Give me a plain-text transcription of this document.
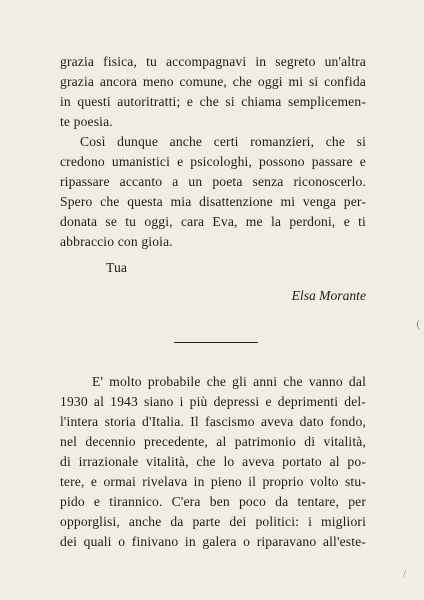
grazia fisica, tu accompagnavi in segreto un'altra
grazia ancora meno comune, che oggi mi si confida
in questi autoritratti; e che si chiama semplicemen-
te poesia.
Così dunque anche certi romanzieri, che si
credono umanistici e psicologhi, possono passare e
ripassare accanto a un poeta senza riconoscerlo.
Spero che questa mia disattenzione mi venga per-
donata se tu oggi, cara Eva, me la perdoni, e ti
abbraccio con gioia.
Tua
Elsa Morante
E' molto probabile che gli anni che vanno dal
1930 al 1943 siano i più depressi e deprimenti del-
l'intera storia d'Italia. Il fascismo aveva dato fondo,
nel decennio precedente, al patrimonio di vitalità,
di irrazionale vitalità, che lo aveva portato al po-
tere, e ormai rivelava in pieno il proprio volto stu-
pido e tirannico. C'era ben poco da tentare, per
opporglisi, anche da parte dei politici: i migliori
dei quali o finivano in galera o riparavano all'este-
(
/
